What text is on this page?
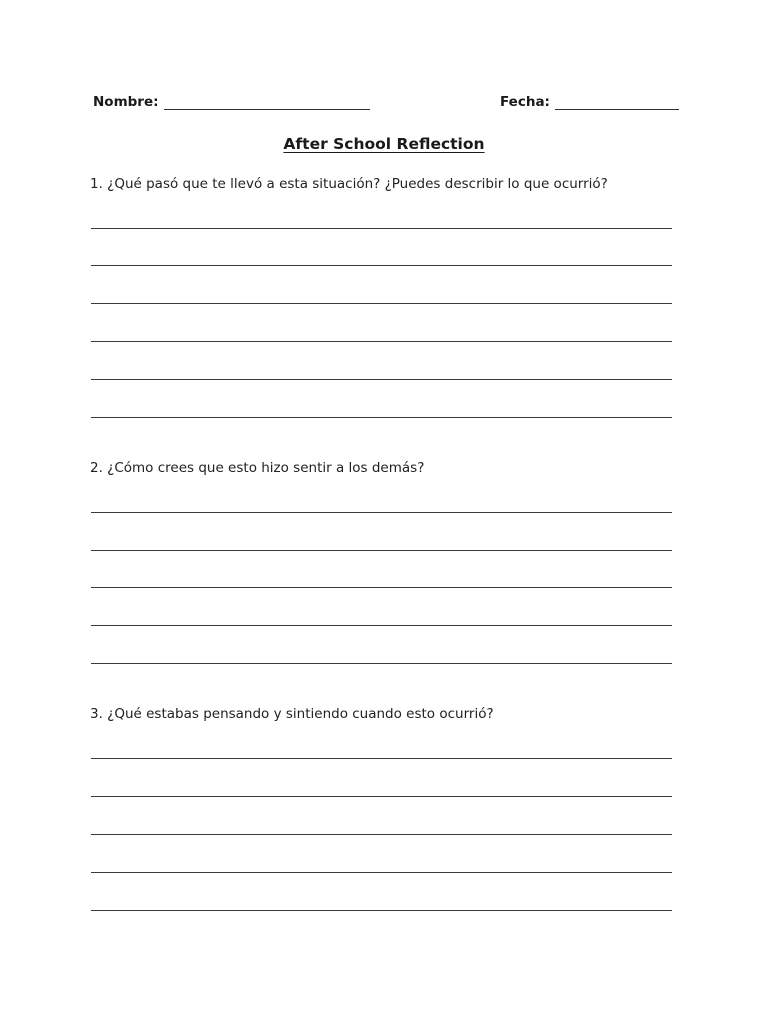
Nombre:	Fecha:
After School Reflection
1. ¿Qué pasó que te llevó a esta situación? ¿Puedes describir lo que ocurrió?
2. ¿Cómo crees que esto hizo sentir a los demás?
3. ¿Qué estabas pensando y sintiendo cuando esto ocurrió?
